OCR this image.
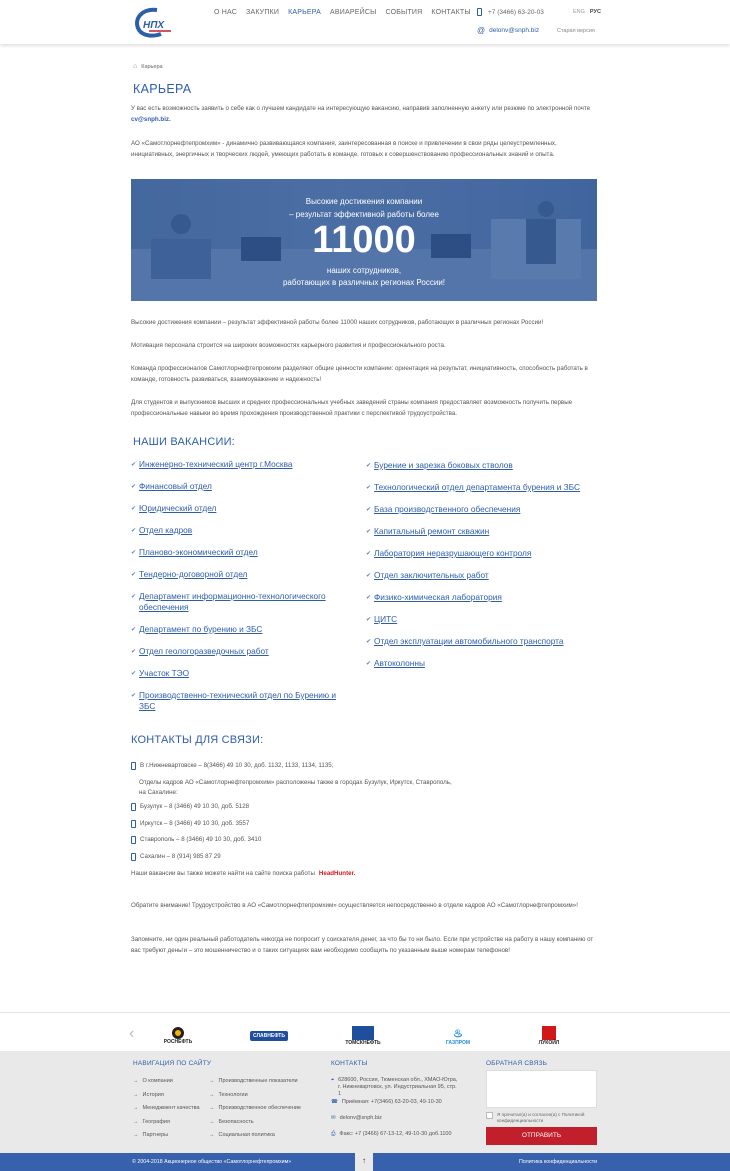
НПХ
О НАС ЗАКУПКИ КАРЬЕРА АВИАРЕЙСЫ СОБЫТИЯ КОНТАКТЫ	+7 (3466) 63-20-03
@ delonv@snph.biz
ENG РУС
Старая версия
⌂ Карьера
КАРЬЕРА
У вас есть возможность заявить о себе как о лучшем кандидате на интересующую вакансию, направив заполненную анкету или резюме по электронной почте cv@snph.biz.
АО «Самотлорнефтепромхим» - динамично развивающаяся компания, заинтересованная в поиске и привлечении в свои ряды целеустремленных, инициативных, энергичных и творческих людей, умеющих работать в команде, готовых к совершенствованию профессиональных знаний и опыта.
Высокие достижения компании
– результат эффективной работы более
11000
наших сотрудников,
работающих в различных регионах России!
Высокие достижения компании – результат эффективной работы более 11000 наших сотрудников, работающих в различных регионах России!
Мотивация персонала строится на широких возможностях карьерного развития и профессионального роста.
Команда профессионалов Самотлорнефтепромхим разделяют общие ценности компании: ориентация на результат, инициативность, способность работать в команде, готовность развиваться, взаимоуважение и надежность!
Для студентов и выпускников высших и средних профессиональных учебных заведений страны компания предоставляет возможность получить первые профессиональные навыки во время прохождения производственной практики с перспективой трудоустройства.
НАШИ ВАКАНСИИ:
✔ Инженерно-технический центр г.Москва
✔ Финансовый отдел
✔ Юридический отдел
✔ Отдел кадров
✔ Планово-экономический отдел
✔ Тендерно-договорной отдел
✔ Департамент информационно-технологического обеспечения
✔ Департамент по бурению и ЗБС
✔ Отдел геологоразведочных работ
✔ Участок ТЭО
✔ Производственно-технический отдел по Бурению и ЗБС
✔ Бурение и зарезка боковых стволов
✔ Технологический отдел департамента бурения и ЗБС
✔ База производственного обеспечения
✔ Капитальный ремонт скважин
✔ Лаборатория неразрушающего контроля
✔ Отдел заключительных работ
✔ Физико-химическая лаборатория
✔ ЦИТС
✔ Отдел эксплуатации автомобильного транспорта
✔ Автоколонны
КОНТАКТЫ ДЛЯ СВЯЗИ:
В г.Нижневартовске – 8(3466) 49 10 30, доб. 1132, 1133, 1134, 1135;
Отделы кадров АО «Самотлорнефтепромхим» расположены также в городах Бузулук, Иркутск, Ставрополь, на Сахалине:
Бузулук – 8 (3466) 49 10 30, доб. 5128
Иркутск – 8 (3466) 49 10 30, доб. 3557
Ставрополь – 8 (3466) 49 10 30, доб. 3410
Сахалин – 8 (914) 985 87 29
Наши вакансии вы также можете найти на сайте поиска работы HeadHunter.
Обратите внимание! Трудоустройство в АО «Самотлорнефтепромхим» осуществляется непосредственно в отделе кадров АО «Самотлорнефтепромхим»!
Запомните, ни один реальный работодатель никогда не попросит у соискателя денег, за что бы то ни было. Если при устройстве на работу в нашу компанию от вас требуют деньги – это мошенничество и о таких ситуациях вам необходимо сообщить по указанным выше номерам телефонов!
‹	РОСНЕФТЬ
СЛАВНЕФТЬ
ТОМСКНЕФТЬ
♨
ГАЗПРОМ	ЛУКОЙЛ
НАВИГАЦИЯ ПО САЙТУ
→ О компании
→ История
→ Менеджмент качества
→ География
→ Партнеры
→ Производственные показатели
→ Технологии
→ Производственное обеспечение
→ Безопасность
→ Социальная политика
КОНТАКТЫ
⌖ 628600, Россия, Тюменская обл., ХМАО-Югра, г. Нижневартовск, ул. Индустриальная 95, стр. 1
☎ Приёмная: +7(3466) 63-20-03, 49-10-30
✉ delonv@snph.biz
⎙ Факс: +7 (3466) 67-13-12, 49-10-30 доб.1100
ОБРАТНАЯ СВЯЗЬ
Я прочитал(а) и согласен(а) с Политикой конфиденциальности
ОТПРАВИТЬ
© 2004-2018 Акционерное общество «Самотлорнефтепромхим»	↑	Политика конфиденциальности
